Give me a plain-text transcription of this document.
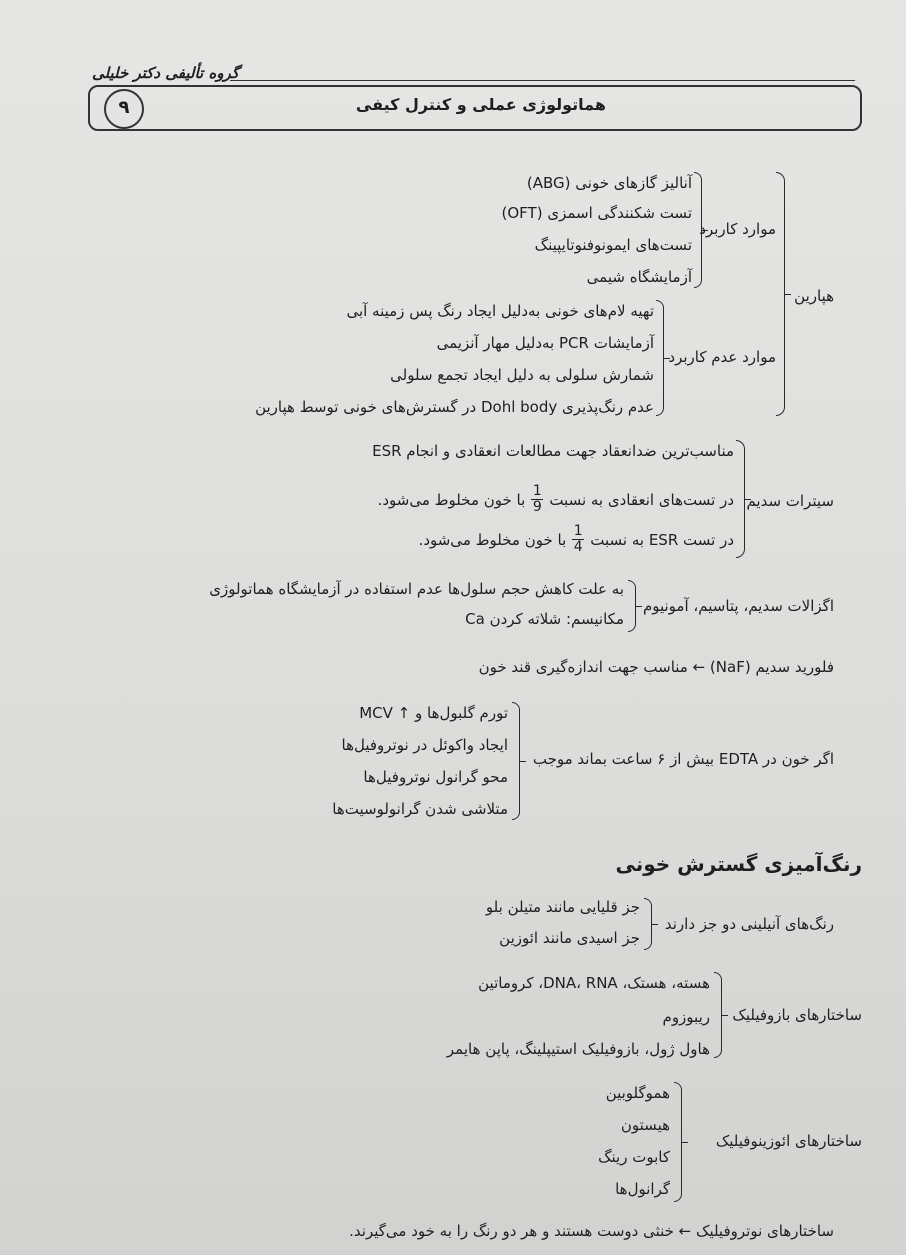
گروه تألیفی دکتر خلیلی
۹	هماتولوژی عملی و کنترل کیفی
هپارین
موارد کاربرد
آنالیز گازهای خونی (ABG)
تست شکنندگی اسمزی (OFT)
تست‌های ایمونوفنوتایپینگ
آزمایشگاه شیمی
موارد عدم کاربرد
تهیه لام‌های خونی به‌دلیل ایجاد رنگ پس زمینه آبی
آزمایشات PCR به‌دلیل مهار آنزیمی
شمارش سلولی به دلیل ایجاد تجمع سلولی
عدم رنگ‌پذیری Dohl body در گسترش‌های خونی توسط هپارین
سیترات سدیم
مناسب‌ترین ضدانعقاد جهت مطالعات انعقادی و انجام ESR
در تست‌های انعقادی به نسبت
1
9
با خون مخلوط می‌شود.
در تست ESR به نسبت
1
4
با خون مخلوط می‌شود.
اگزالات سدیم، پتاسیم، آمونیوم
به علت کاهش حجم سلول‌ها عدم استفاده در آزمایشگاه هماتولوژی
مکانیسم: شلاته کردن Ca
فلورید سدیم (NaF) ← مناسب جهت اندازه‌گیری قند خون
اگر خون در EDTA بیش از ۶ ساعت بماند موجب
تورم گلبول‌ها و ↑ MCV
ایجاد واکوئل در نوتروفیل‌ها
محو گرانول نوتروفیل‌ها
متلاشی شدن گرانولوسیت‌ها
رنگ‌آمیزی گسترش خونی
رنگ‌های آنیلینی دو جز دارند
جز قلیایی مانند متیلن بلو
جز اسیدی مانند ائوزین
ساختارهای بازوفیلیک
هسته، هستک، DNA، RNA، کروماتین
ریبوزوم
هاول ژول، بازوفیلیک استیپلینگ، پاپن هایمر
ساختارهای ائوزینوفیلیک
هموگلوبین
هیستون
کابوت رینگ
گرانول‌ها
ساختارهای نوتروفیلیک ← خنثی دوست هستند و هر دو رنگ را به خود می‌گیرند.
